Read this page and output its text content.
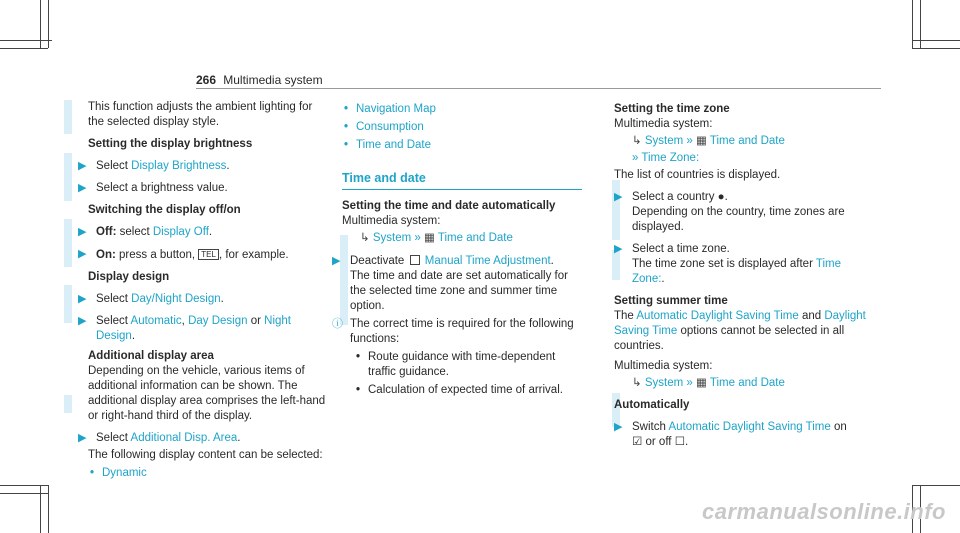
266 Multimedia system

This function adjusts the ambient lighting for the selected display style.

Setting the display brightness

▶ Select Display Brightness.
▶ Select a brightness value.

Switching the display off/on

▶ Off: select Display Off.
▶ On: press a button, TEL , for example.

Display design

▶ Select Day/Night Design.
▶ Select Automatic, Day Design or Night Design.

Additional display area

Depending on the vehicle, various items of additional information can be shown. The additional display area comprises the left-hand or right-hand third of the display.

▶ Select Additional Disp. Area.

The following display content can be selected:

• Dynamic
• Navigation Map
• Consumption
• Time and Date

Time and date

Setting the time and date automatically

Multimedia system:

↳ System » ▦ Time and Date
▶ Deactivate  Manual Time Adjustment.

The time and date are set automatically for the selected time zone and summer time option.

ⓘ The correct time is required for the following functions:
• Route guidance with time-dependent traffic guidance.
• Calculation of expected time of arrival.

Setting the time zone

Multimedia system:

↳ System » ▦ Time and Date
» Time Zone:

The list of countries is displayed.

▶ Select a country ●.

Depending on the country, time zones are displayed.

▶ Select a time zone.

The time zone set is displayed after Time Zone:.

Setting summer time

The Automatic Daylight Saving Time and Daylight Saving Time options cannot be selected in all countries.

Multimedia system:

↳ System » ▦ Time and Date

Automatically

▶ Switch Automatic Daylight Saving Time on

☑ or off ☐.

carmanualsonline.info
